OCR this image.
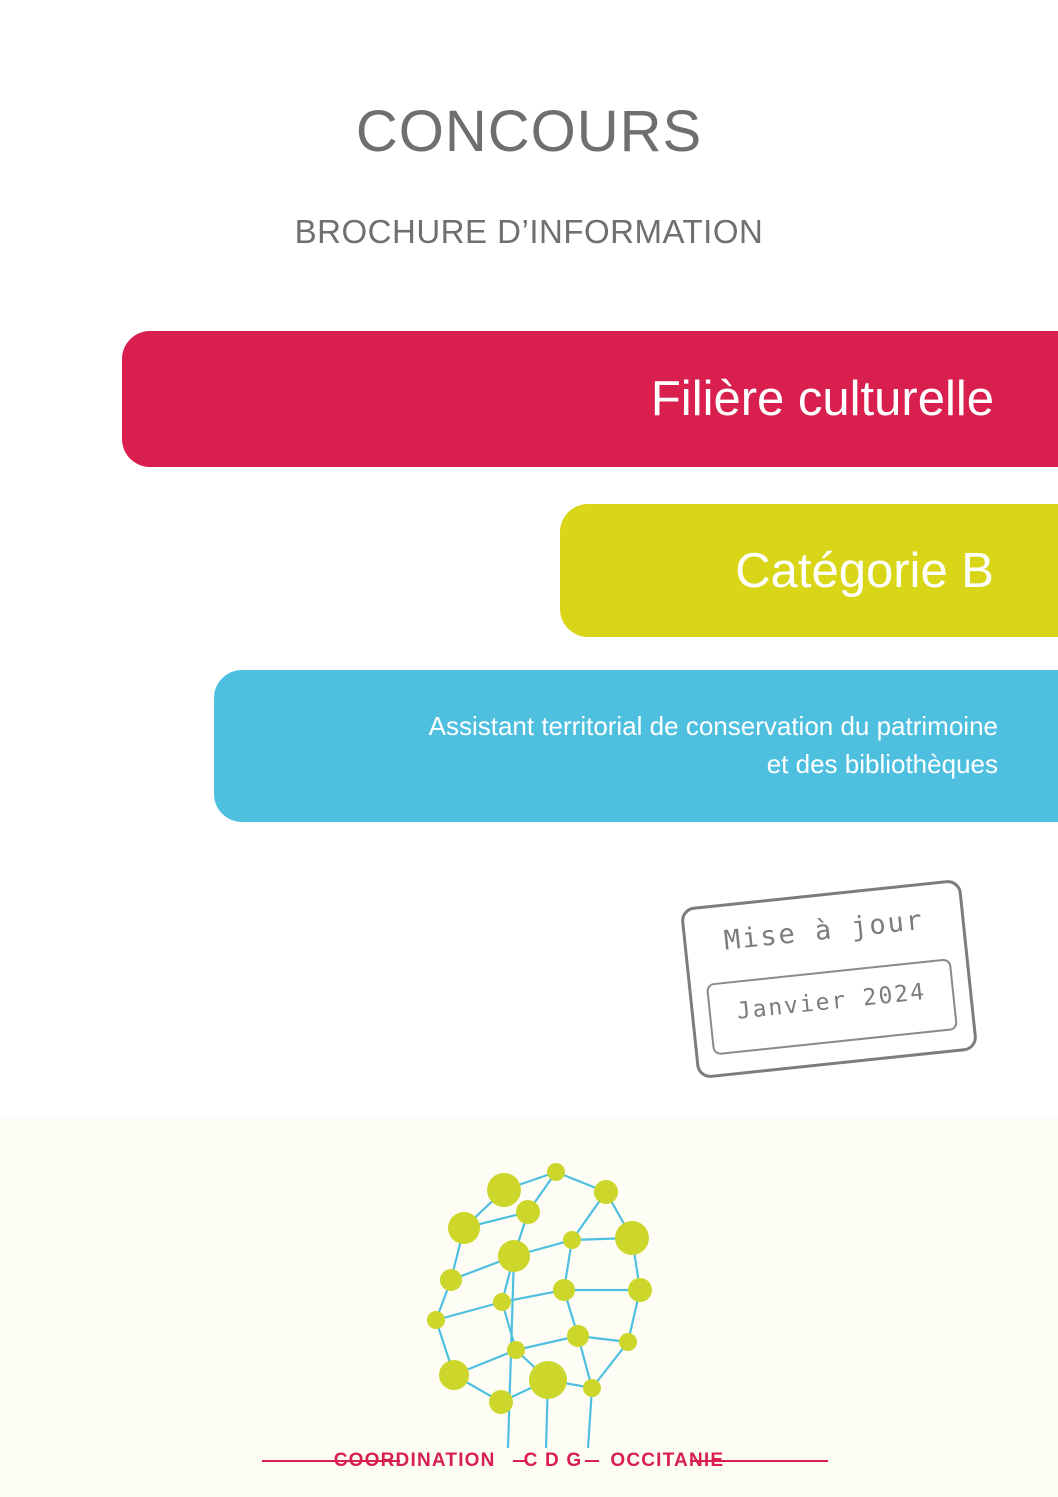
CONCOURS
BROCHURE D’INFORMATION
Filière culturelle
Catégorie B
Assistant territorial de conservation du patrimoine
et des bibliothèques
Mise à jour
Janvier 2024
COORDINATION C D G OCCITANIE
